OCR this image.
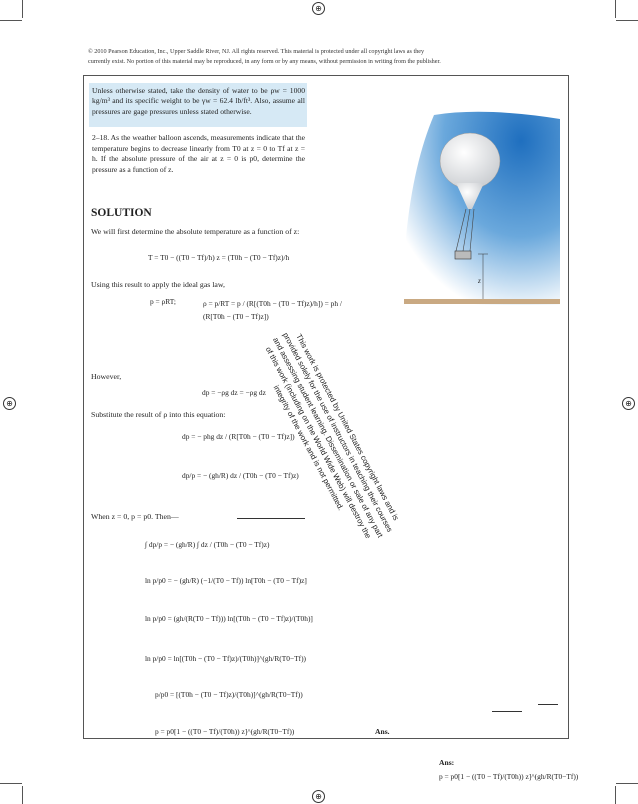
⊕
⊕	⊕
⊕
© 2010 Pearson Education, Inc., Upper Saddle River, NJ. All rights reserved. This material is protected under all copyright laws as they
currently exist. No portion of this material may be reproduced, in any form or by any means, without permission in writing from the publisher.
Unless otherwise stated, take the density of water to be ρw = 1000 kg/m³ and its specific weight to be γw = 62.4 lb/ft³. Also, assume all pressures are gage pressures unless stated otherwise.
2–18. As the weather balloon ascends, measurements indicate that the temperature begins to decrease linearly from T0 at z = 0 to Tf at z = h. If the absolute pressure of the air at z = 0 is p0, determine the pressure as a function of z.
z
SOLUTION
We will first determine the absolute temperature as a function of z:
T = T0 − ((T0 − Tf)/h) z = (T0h − (T0 − Tf)z)/h
Using this result to apply the ideal gas law,
p = ρRT;	ρ = p/RT = p / (R[(T0h − (T0 − Tf)z)/h]) = ph / (R[T0h − (T0 − Tf)z])
However,
dp = −ρg dz = −ρg dz
Substitute the result of ρ into this equation:
dp = − phg dz / (R[T0h − (T0 − Tf)z])
dp/p = − (gh/R) dz / (T0h − (T0 − Tf)z)
When z = 0, p = p0. Then—
∫ dp/p = − (gh/R) ∫ dz / (T0h − (T0 − Tf)z)
ln p/p0 = − (gh/R) (−1/(T0 − Tf)) ln[T0h − (T0 − Tf)z]
ln p/p0 = (gh/(R(T0 − Tf))) ln[(T0h − (T0 − Tf)z)/(T0h)]
ln p/p0 = ln[(T0h − (T0 − Tf)z)/(T0h)]^(gh/R(T0−Tf))
p/p0 = [(T0h − (T0 − Tf)z)/(T0h)]^(gh/R(T0−Tf))
p = p0[1 − ((T0 − Tf)/(T0h)) z]^(gh/R(T0−Tf))	Ans.
This work is protected by United States copyright laws and is provided solely for the use of instructors in teaching their courses and assessing student learning. Dissemination or sale of any part of this work (including on the World Wide Web) will destroy the integrity of the work and is not permitted.
Ans:
p = p0[1 − ((T0 − Tf)/(T0h)) z]^(gh/R(T0−Tf))
